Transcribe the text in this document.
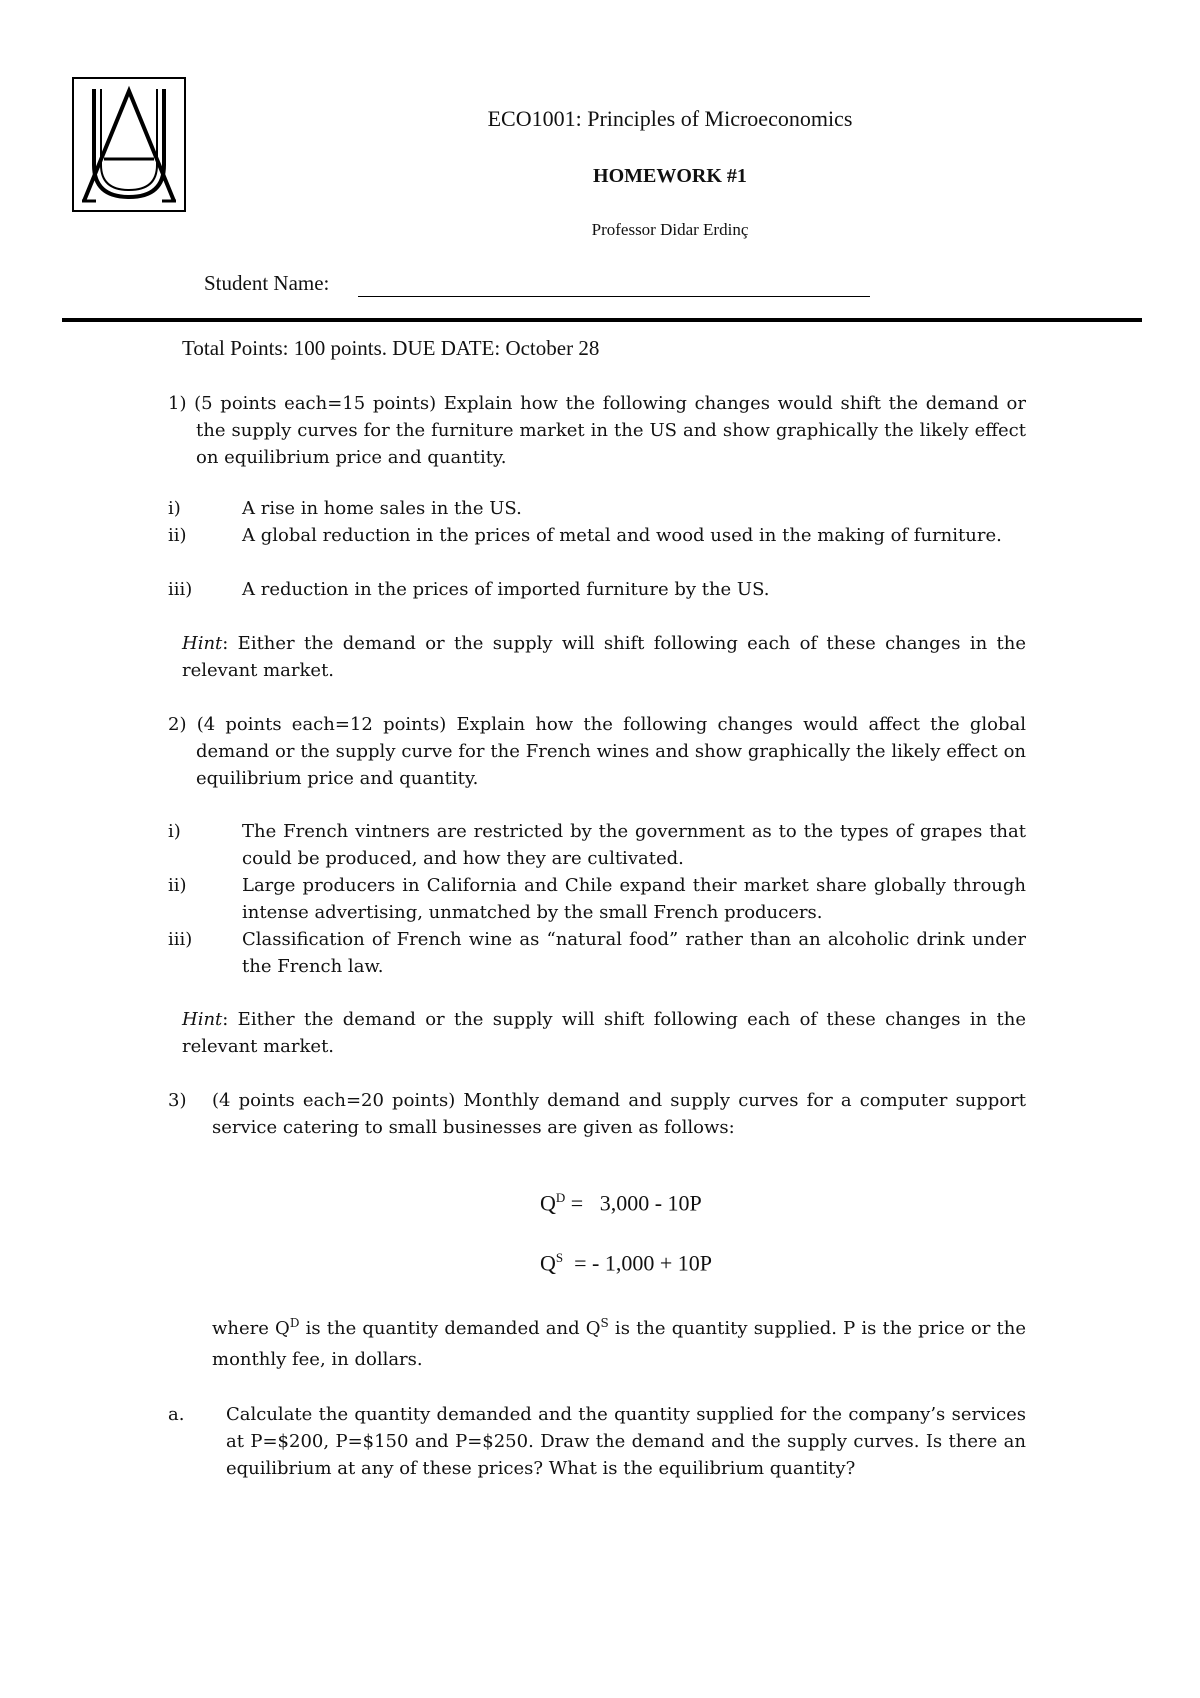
ECO1001: Principles of Microeconomics
HOMEWORK #1
Professor Didar Erdinç
Student Name:
Total Points: 100 points. DUE DATE: October 28
1) (5 points each=15 points) Explain how the following changes would shift the demand or the supply curves for the furniture market in the US and show graphically the likely effect on equilibrium price and quantity.
i)	A rise in home sales in the US.
ii)	A global reduction in the prices of metal and wood used in the making of furniture.
iii)	A reduction in the prices of imported furniture by the US.
Hint: Either the demand or the supply will shift following each of these changes in the relevant market.
2) (4 points each=12 points) Explain how the following changes would affect the global demand or the supply curve for the French wines and show graphically the likely effect on equilibrium price and quantity.
i)	The French vintners are restricted by the government as to the types of grapes that could be produced, and how they are cultivated.
ii)	Large producers in California and Chile expand their market share globally through intense advertising, unmatched by the small French producers.
iii)	Classification of French wine as “natural food” rather than an alcoholic drink under the French law.
Hint: Either the demand or the supply will shift following each of these changes in the relevant market.
3) (4 points each=20 points) Monthly demand and supply curves for a computer support service catering to small businesses are given as follows:
$Q^D = 3,000 - 10P$
$Q^S$  = - 1,000 + 10P
where $Q^D$ is the quantity demanded and $Q^S$ is the quantity supplied. P is the price or the monthly fee, in dollars.
a. Calculate the quantity demanded and the quantity supplied for the company’s services at P=$200, P=$150 and P=$250. Draw the demand and the supply curves. Is there an equilibrium at any of these prices? What is the equilibrium quantity?
